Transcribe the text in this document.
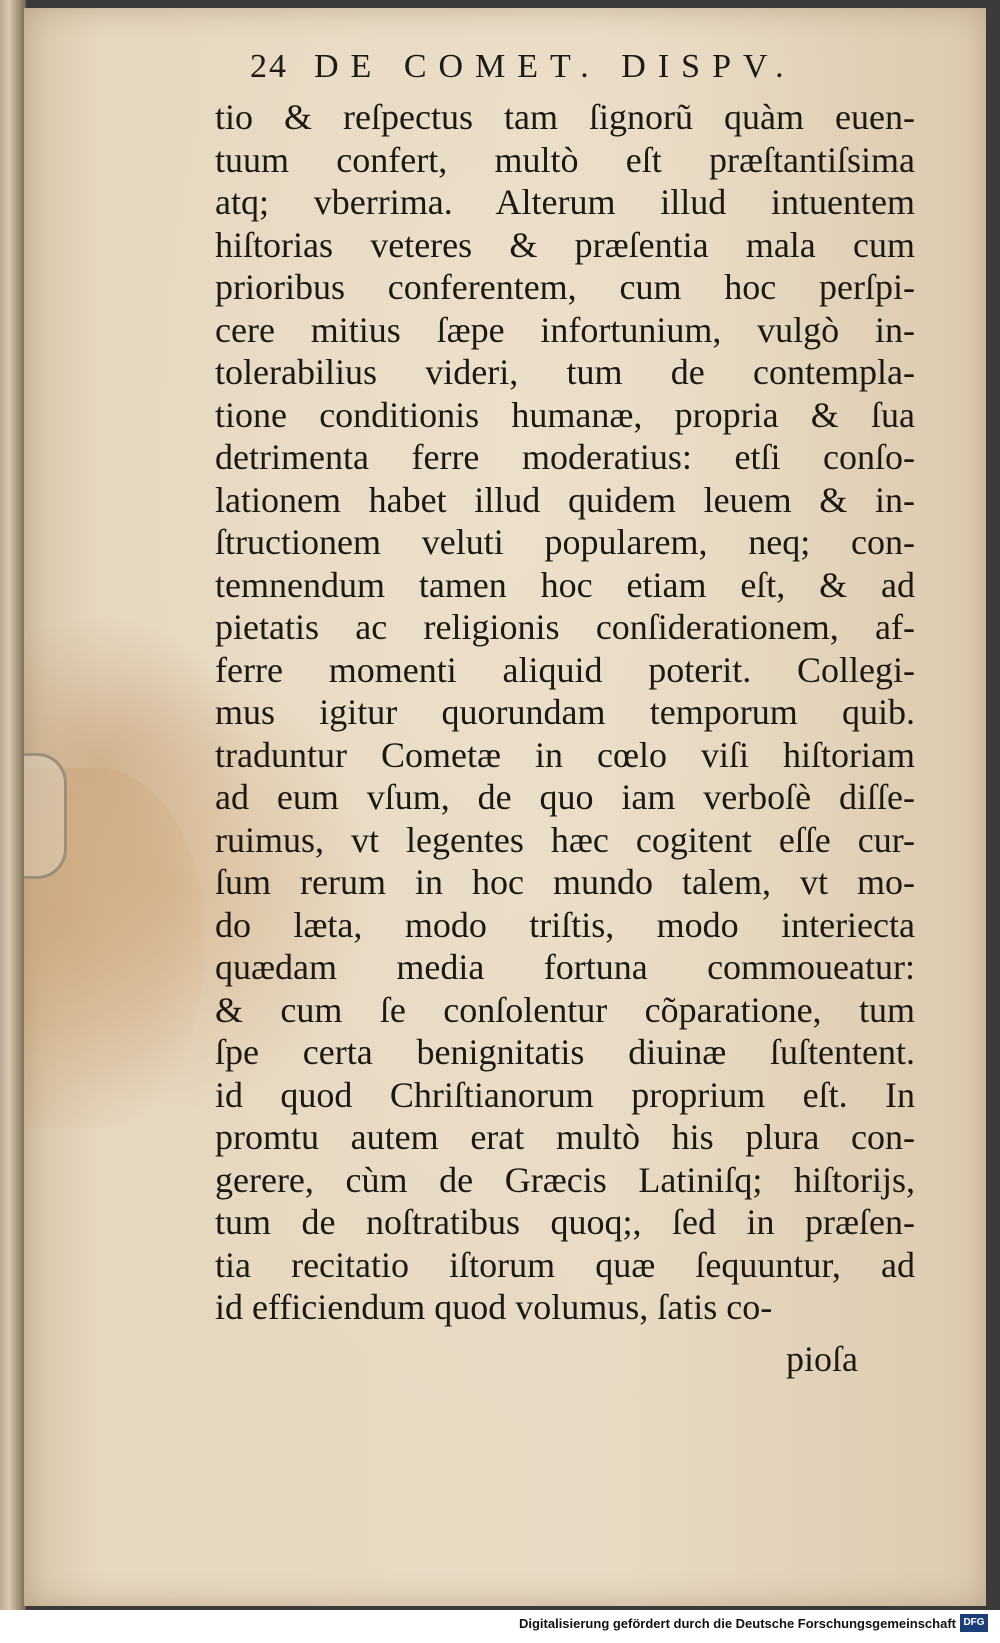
24 DE COMET. DISPV.
tio & reſpectus tam ſignorũ quàm euen-
tuum confert, multò eſt præſtantiſsima
atq; vberrima. Alterum illud intuentem
hiſtorias veteres & præſentia mala cum
prioribus conferentem, cum hoc perſpi-
cere mitius ſæpe infortunium, vulgò in-
tolerabilius videri, tum de contempla-
tione conditionis humanæ, propria & ſua
detrimenta ferre moderatius: etſi conſo-
lationem habet illud quidem leuem & in-
ſtructionem veluti popularem, neq; con-
temnendum tamen hoc etiam eſt, & ad
pietatis ac religionis conſiderationem, af-
ferre momenti aliquid poterit. Collegi-
mus igitur quorundam temporum quib.
traduntur Cometæ in cœlo viſi hiſtoriam
ad eum vſum, de quo iam verboſè diſſe-
ruimus, vt legentes hæc cogitent eſſe cur-
ſum rerum in hoc mundo talem, vt mo-
do læta, modo triſtis, modo interiecta
quædam media fortuna commoueatur:
& cum ſe conſolentur cõparatione, tum
ſpe certa benignitatis diuinæ ſuſtentent.
id quod Chriſtianorum proprium eſt. In
promtu autem erat multò his plura con-
gerere, cùm de Græcis Latiniſq; hiſtorijs,
tum de noſtratibus quoq;, ſed in præſen-
tia recitatio iſtorum quæ ſequuntur, ad
id efficiendum quod volumus, ſatis co-
pioſa
Digitalisierung gefördert durch die Deutsche Forschungsgemeinschaft DFG
